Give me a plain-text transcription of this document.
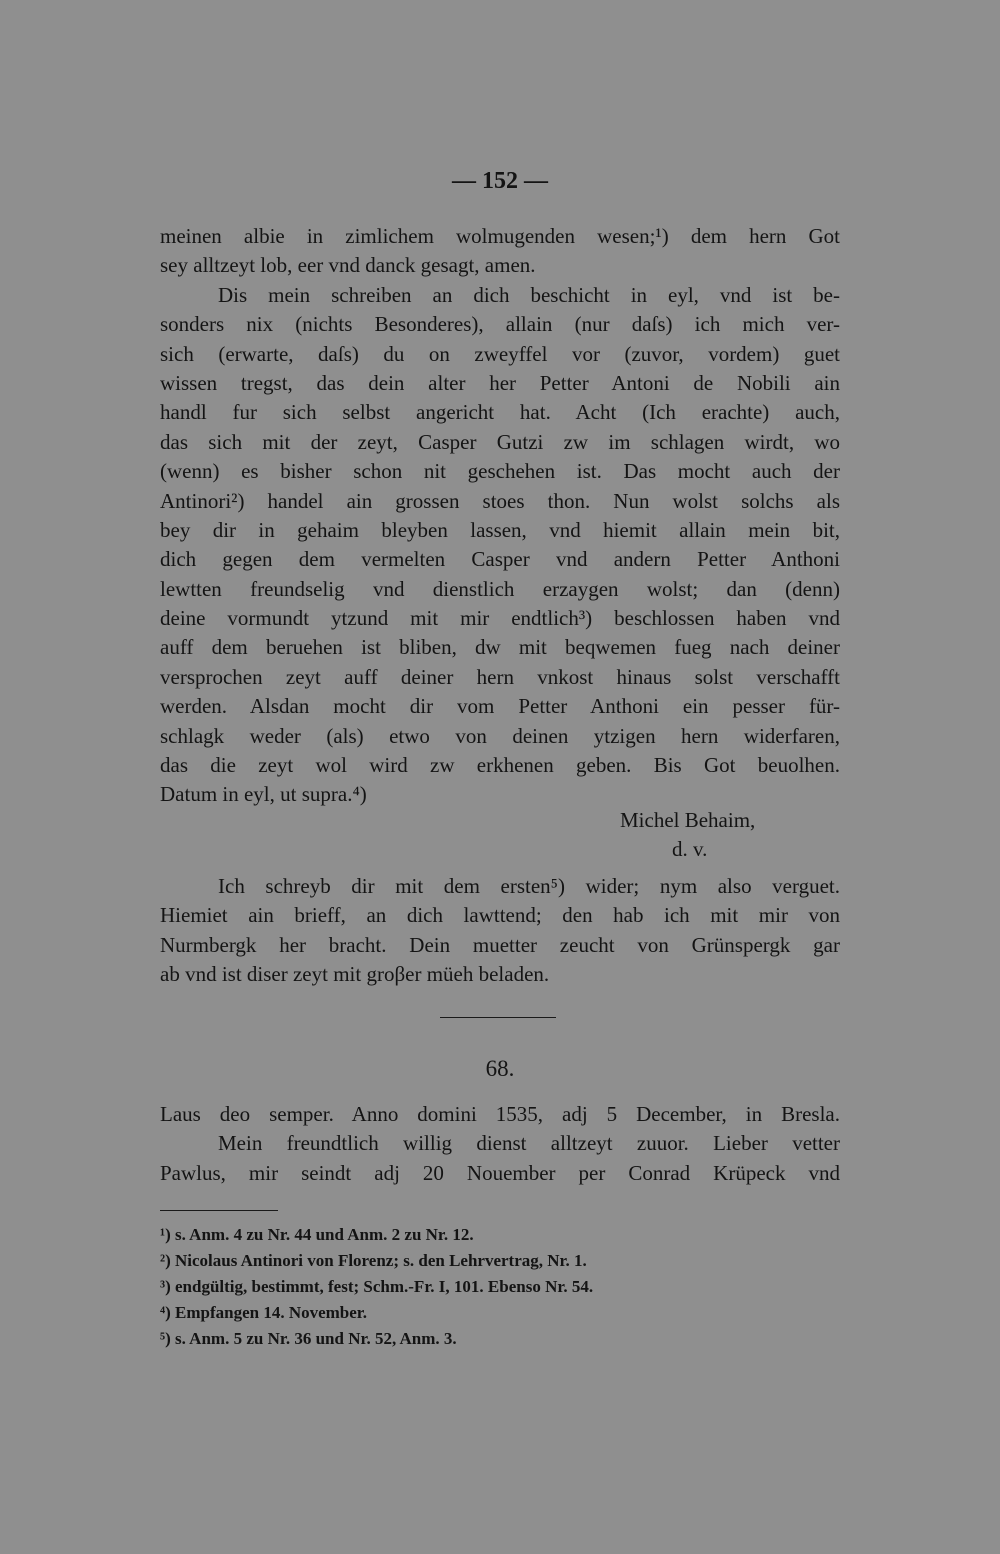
— 152 —
meinen albie in zimlichem wolmugenden wesen;¹) dem hern Got
sey alltzeyt lob, eer vnd danck gesagt, amen.
Dis mein schreiben an dich beschicht in eyl, vnd ist be-
sonders nix (nichts Besonderes), allain (nur daſs) ich mich ver-
sich (erwarte, daſs) du on zweyffel vor (zuvor, vordem) guet
wissen tregst, das dein alter her Petter Antoni de Nobili ain
handl fur sich selbst angericht hat. Acht (Ich erachte) auch,
das sich mit der zeyt, Casper Gutzi zw im schlagen wirdt, wo
(wenn) es bisher schon nit geschehen ist. Das mocht auch der
Antinori²) handel ain grossen stoes thon. Nun wolst solchs als
bey dir in gehaim bleyben lassen, vnd hiemit allain mein bit,
dich gegen dem vermelten Casper vnd andern Petter Anthoni
lewtten freundselig vnd dienstlich erzaygen wolst; dan (denn)
deine vormundt ytzund mit mir endtlich³) beschlossen haben vnd
auff dem beruehen ist bliben, dw mit beqwemen fueg nach deiner
versprochen zeyt auff deiner hern vnkost hinaus solst verschafft
werden. Alsdan mocht dir vom Petter Anthoni ein pesser für-
schlagk weder (als) etwo von deinen ytzigen hern widerfaren,
das die zeyt wol wird zw erkhenen geben. Bis Got beuolhen.
Datum in eyl, ut supra.⁴)
Michel Behaim,
d. v.
Ich schreyb dir mit dem ersten⁵) wider; nym also verguet.
Hiemiet ain brieff, an dich lawttend; den hab ich mit mir von
Nurmbergk her bracht. Dein muetter zeucht von Grünspergk gar
ab vnd ist diser zeyt mit groβer müeh beladen.
68.
Laus deo semper. Anno domini 1535, adj 5 December, in Bresla.
Mein freundtlich willig dienst alltzeyt zuuor. Lieber vetter
Pawlus, mir seindt adj 20 Nouember per Conrad Krüpeck vnd
¹) s. Anm. 4 zu Nr. 44 und Anm. 2 zu Nr. 12.
²) Nicolaus Antinori von Florenz; s. den Lehrvertrag, Nr. 1.
³) endgültig, bestimmt, fest; Schm.-Fr. I, 101. Ebenso Nr. 54.
⁴) Empfangen 14. November.
⁵) s. Anm. 5 zu Nr. 36 und Nr. 52, Anm. 3.
